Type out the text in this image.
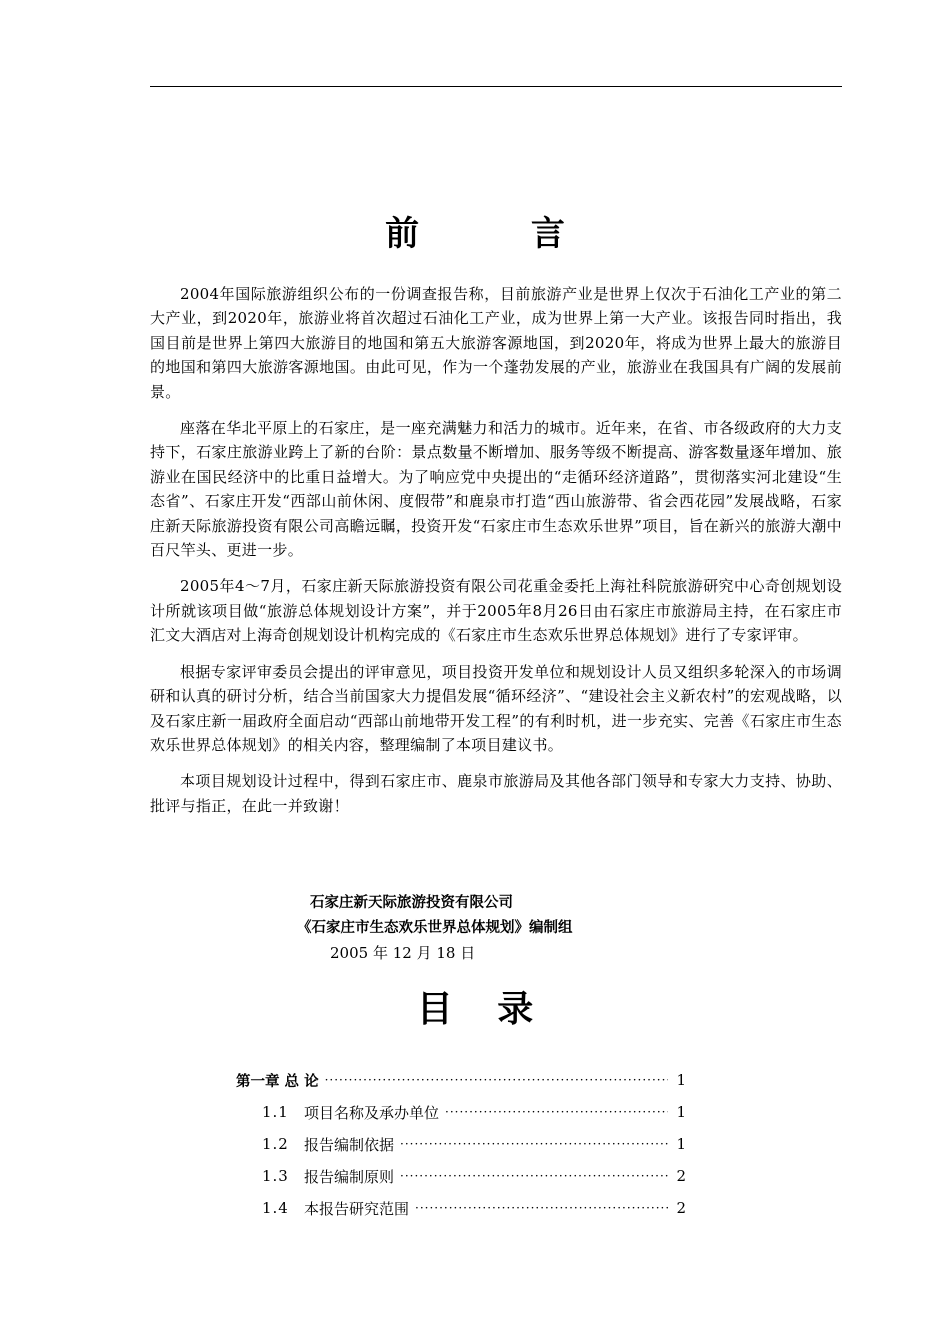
前 言

2004年国际旅游组织公布的一份调查报告称，目前旅游产业是世界上仅次于石油化工产业的第二大产业，到2020年，旅游业将首次超过石油化工产业，成为世界上第一大产业。该报告同时指出，我国目前是世界上第四大旅游目的地国和第五大旅游客源地国，到2020年，将成为世界上最大的旅游目的地国和第四大旅游客源地国。由此可见，作为一个蓬勃发展的产业，旅游业在我国具有广阔的发展前景。

座落在华北平原上的石家庄，是一座充满魅力和活力的城市。近年来，在省、市各级政府的大力支持下，石家庄旅游业跨上了新的台阶：景点数量不断增加、服务等级不断提高、游客数量逐年增加、旅游业在国民经济中的比重日益增大。为了响应党中央提出的“走循环经济道路”，贯彻落实河北建设“生态省”、石家庄开发“西部山前休闲、度假带”和鹿泉市打造“西山旅游带、省会西花园”发展战略，石家庄新天际旅游投资有限公司高瞻远瞩，投资开发“石家庄市生态欢乐世界”项目，旨在新兴的旅游大潮中百尺竿头、更进一步。

2005年4～7月，石家庄新天际旅游投资有限公司花重金委托上海社科院旅游研究中心奇创规划设计所就该项目做“旅游总体规划设计方案”，并于2005年8月26日由石家庄市旅游局主持，在石家庄市汇文大酒店对上海奇创规划设计机构完成的《石家庄市生态欢乐世界总体规划》进行了专家评审。

根据专家评审委员会提出的评审意见，项目投资开发单位和规划设计人员又组织多轮深入的市场调研和认真的研讨分析，结合当前国家大力提倡发展“循环经济”、“建设社会主义新农村”的宏观战略，以及石家庄新一届政府全面启动“西部山前地带开发工程”的有利时机，进一步充实、完善《石家庄市生态欢乐世界总体规划》的相关内容，整理编制了本项目建议书。

本项目规划设计过程中，得到石家庄市、鹿泉市旅游局及其他各部门领导和专家大力支持、协助、批评与指正，在此一并致谢！

石家庄新天际旅游投资有限公司
《石家庄市生态欢乐世界总体规划》编制组
2005 年 12 月 18 日
目 录
第一章 总 论 ·····	1
1.1	项目名称及承办单位 ·····	1
1.2	报告编制依据 ·····	1
1.3	报告编制原则 ·····	2
1.4	本报告研究范围 ·····	2
